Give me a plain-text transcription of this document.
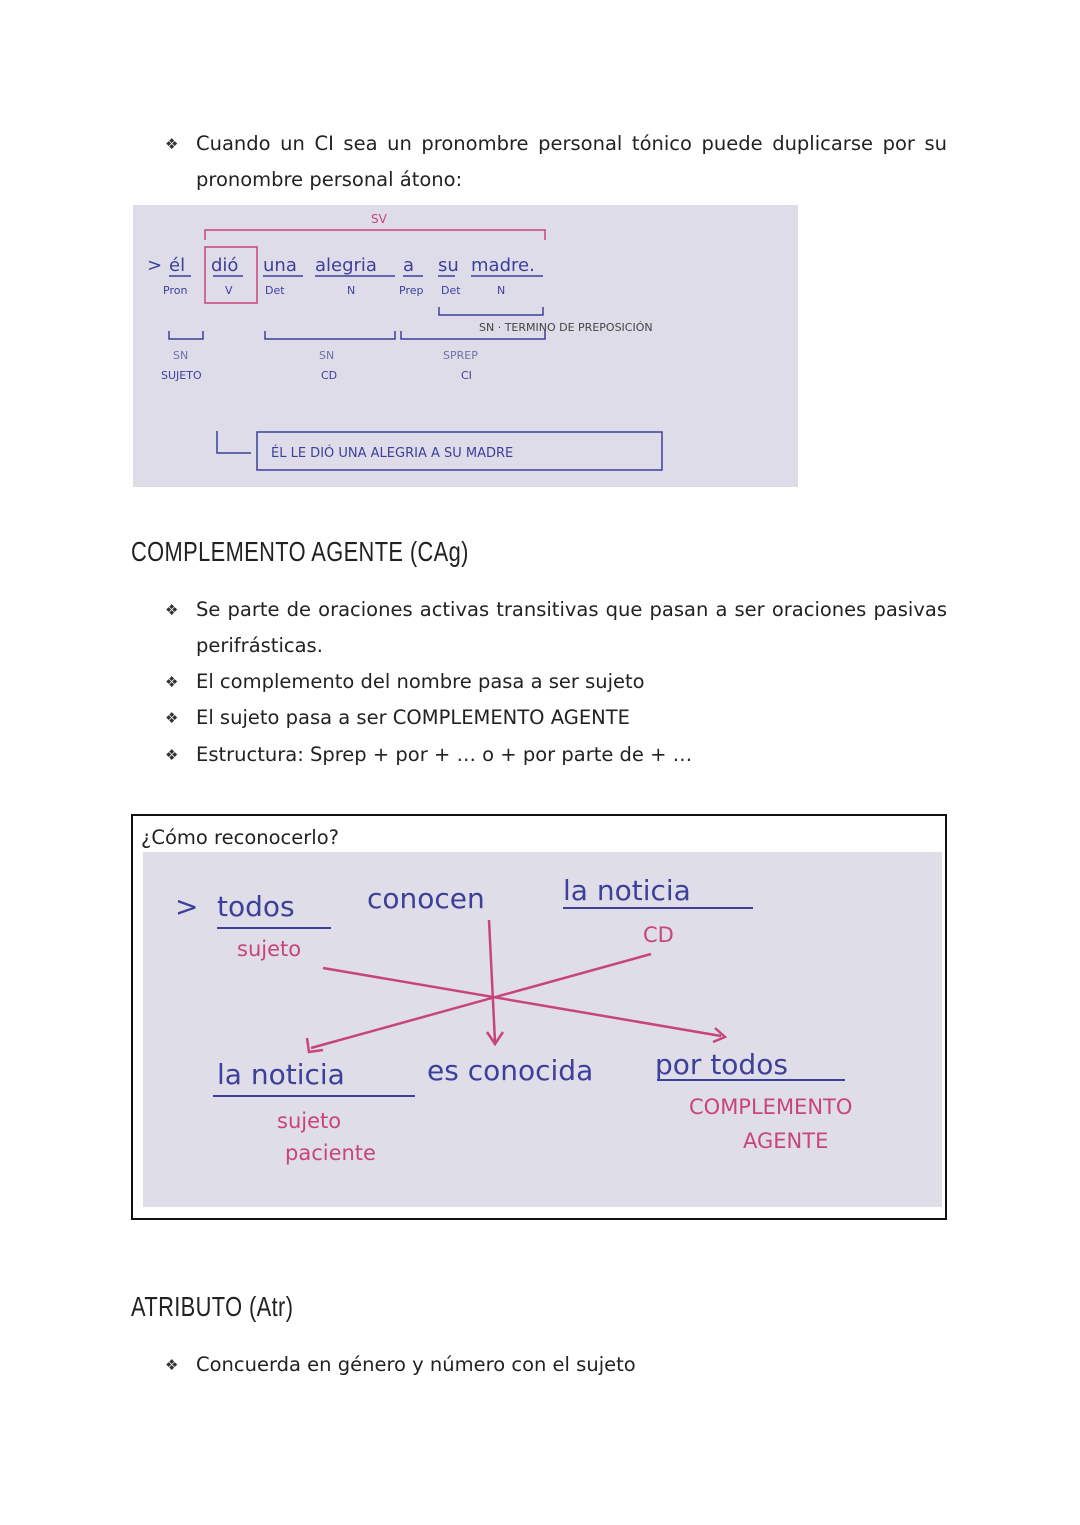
❖ Cuando un CI sea un pronombre personal tónico puede duplicarse por su pronombre personal átono:
SV
> él dió una alegria a su madre.
Pron	V	Det	N	Prep Det	N
SN · TERMINO DE PREPOSICIÓN
SN
SUJETO
SN
CD
SPREP
CI
ÉL LE DIÓ UNA ALEGRIA A SU MADRE
COMPLEMENTO AGENTE (CAg)
❖ Se parte de oraciones activas transitivas que pasan a ser oraciones pasivas perifrásticas.
❖ El complemento del nombre pasa a ser sujeto
❖ El sujeto pasa a ser COMPLEMENTO AGENTE
❖ Estructura: Sprep + por + … o + por parte de + …
¿Cómo reconocerlo?
> todos	conocen	la noticia
la noticia	es conocida por todos
sujeto
CD
sujeto
paciente
COMPLEMENTO
AGENTE
ATRIBUTO (Atr)
❖ Concuerda en género y número con el sujeto
